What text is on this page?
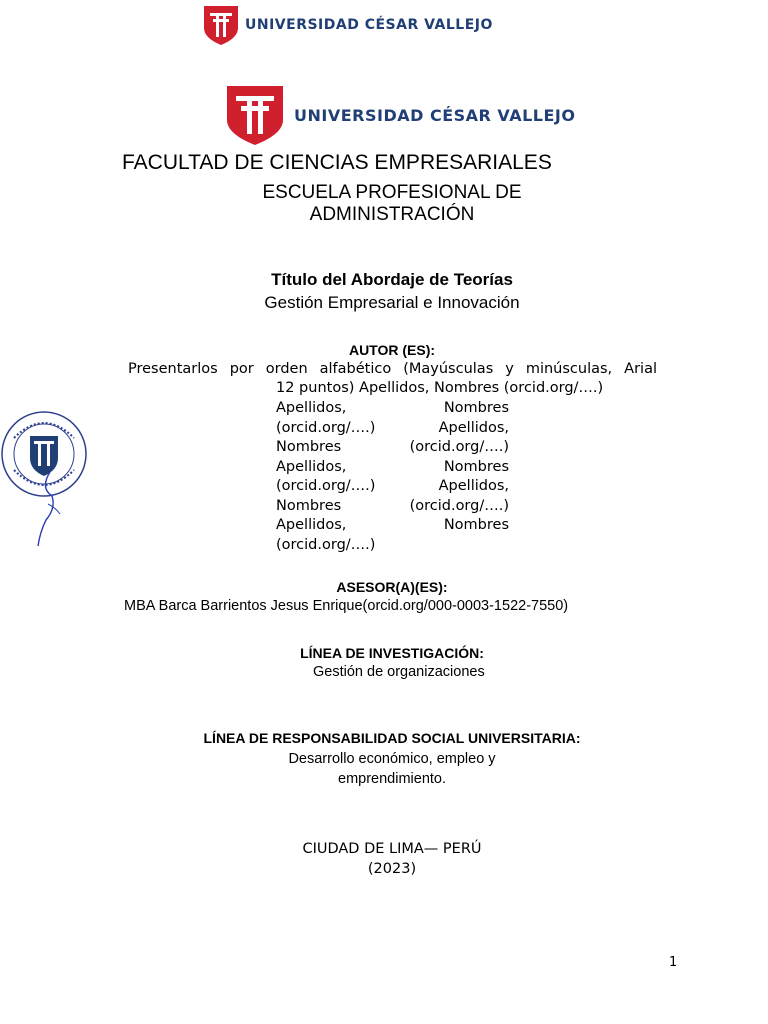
UNIVERSIDAD CÉSAR VALLEJO
UNIVERSIDAD CÉSAR VALLEJO
FACULTAD DE CIENCIAS EMPRESARIALES
ESCUELA PROFESIONAL DE
ADMINISTRACIÓN
Título del Abordaje de Teorías
Gestión Empresarial e Innovación
AUTOR (ES):
Presentarlos por orden alfabético (Mayúsculas y minúsculas, Arial
12 puntos) Apellidos, Nombres (orcid.org/….)
Apellidos,	Nombres
(orcid.org/….)	Apellidos,
Nombres	(orcid.org/….)
Apellidos,	Nombres
(orcid.org/….)	Apellidos,
Nombres	(orcid.org/….)
Apellidos,	Nombres
(orcid.org/….)
ASESOR(A)(ES):
MBA Barca Barrientos Jesus Enrique(orcid.org/000-0003-1522-7550)
LÍNEA DE INVESTIGACIÓN:
Gestión de organizaciones
LÍNEA DE RESPONSABILIDAD SOCIAL UNIVERSITARIA:
Desarrollo económico, empleo y
emprendimiento.
CIUDAD DE LIMA— PERÚ
(2023)
1
